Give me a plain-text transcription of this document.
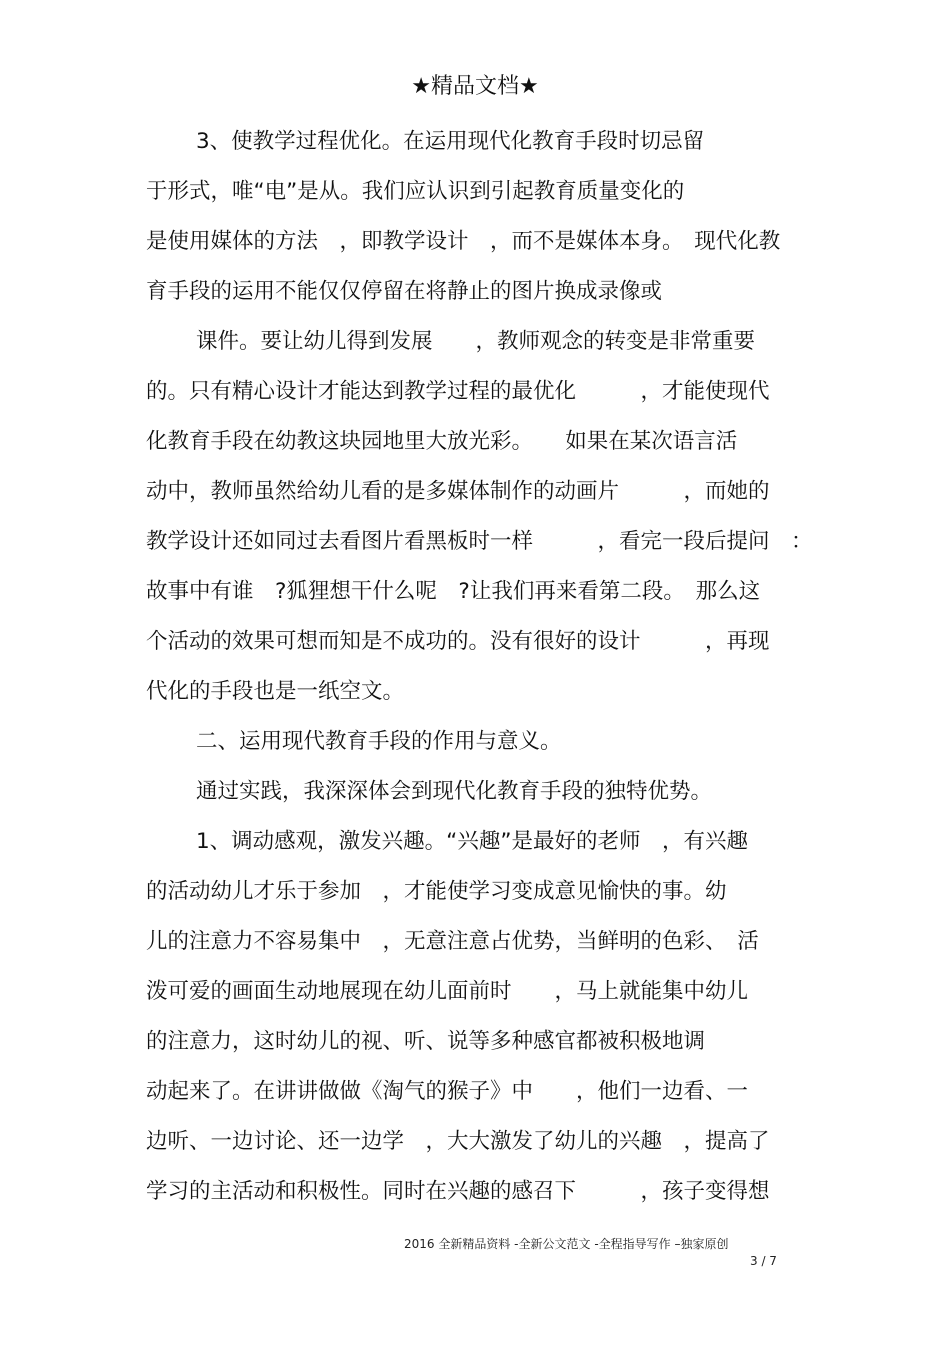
★精品文档★
3、使教学过程优化。在运用现代化教育手段时切忌留
于形式，唯“电”是从。我们应认识到引起教育质量变化的
是使用媒体的方法　，即教学设计　，而不是媒体本身。　现代化教
育手段的运用不能仅仅停留在将静止的图片换成录像或
课件。要让幼儿得到发展　　，教师观念的转变是非常重要
的。只有精心设计才能达到教学过程的最优化　　　，才能使现代
化教育手段在幼教这块园地里大放光彩。　　如果在某次语言活
动中，教师虽然给幼儿看的是多媒体制作的动画片　　　，而她的
教学设计还如同过去看图片看黑板时一样　　　，看完一段后提问　：
故事中有谁　?狐狸想干什么呢　?让我们再来看第二段。　那么这
个活动的效果可想而知是不成功的。没有很好的设计　　　，再现
代化的手段也是一纸空文。
二、运用现代教育手段的作用与意义。
通过实践，我深深体会到现代化教育手段的独特优势。
1、调动感观，激发兴趣。“兴趣”是最好的老师　，有兴趣
的活动幼儿才乐于参加　，才能使学习变成意见愉快的事。幼
儿的注意力不容易集中　，无意注意占优势，当鲜明的色彩、　活
泼可爱的画面生动地展现在幼儿面前时　　，马上就能集中幼儿
的注意力，这时幼儿的视、听、说等多种感官都被积极地调
动起来了。在讲讲做做《淘气的猴子》中　　，他们一边看、一
边听、一边讨论、还一边学　，大大激发了幼儿的兴趣　，提高了
学习的主活动和积极性。同时在兴趣的感召下　　　，孩子变得想
2016 全新精品资料 -全新公文范文 -全程指导写作 –独家原创
3 / 7
